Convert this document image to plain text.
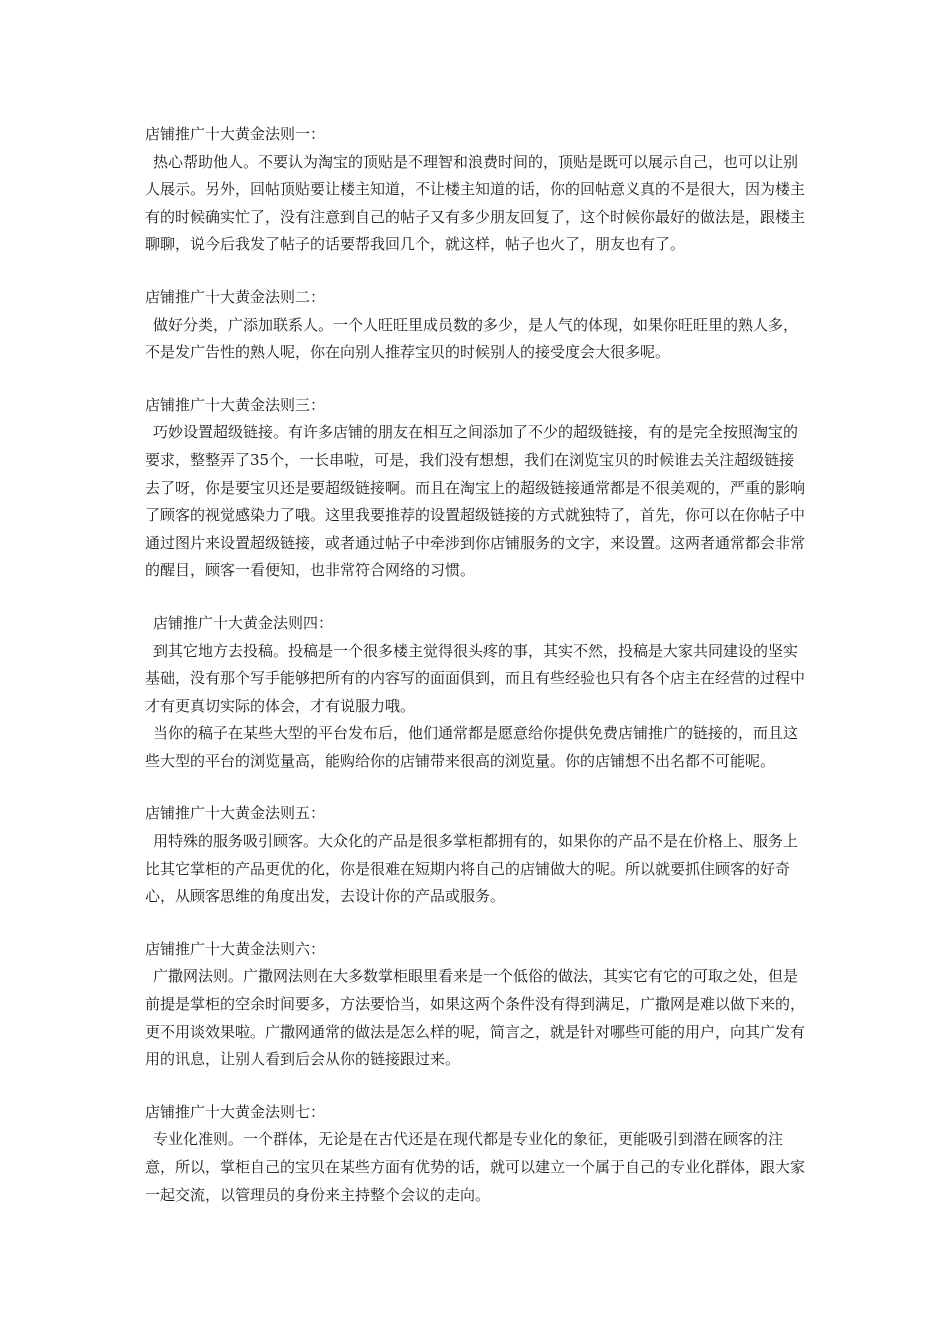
店铺推广十大黄金法则一：

热心帮助他人。不要认为淘宝的顶贴是不理智和浪费时间的，顶贴是既可以展示自己，也可以让别人展示。另外，回帖顶贴要让楼主知道，不让楼主知道的话，你的回帖意义真的不是很大，因为楼主有的时候确实忙了，没有注意到自己的帖子又有多少朋友回复了，这个时候你最好的做法是，跟楼主聊聊，说今后我发了帖子的话要帮我回几个，就这样，帖子也火了，朋友也有了。

店铺推广十大黄金法则二：

做好分类，广添加联系人。一个人旺旺里成员数的多少，是人气的体现，如果你旺旺里的熟人多，不是发广告性的熟人呢，你在向别人推荐宝贝的时候别人的接受度会大很多呢。

店铺推广十大黄金法则三：

巧妙设置超级链接。有许多店铺的朋友在相互之间添加了不少的超级链接，有的是完全按照淘宝的要求，整整弄了35个，一长串啦，可是，我们没有想想，我们在浏览宝贝的时候谁去关注超级链接去了呀，你是要宝贝还是要超级链接啊。而且在淘宝上的超级链接通常都是不很美观的，严重的影响了顾客的视觉感染力了哦。这里我要推荐的设置超级链接的方式就独特了，首先，你可以在你帖子中通过图片来设置超级链接，或者通过帖子中牵涉到你店铺服务的文字，来设置。这两者通常都会非常的醒目，顾客一看便知，也非常符合网络的习惯。

店铺推广十大黄金法则四：

到其它地方去投稿。投稿是一个很多楼主觉得很头疼的事，其实不然，投稿是大家共同建设的坚实基础，没有那个写手能够把所有的内容写的面面俱到，而且有些经验也只有各个店主在经营的过程中才有更真切实际的体会，才有说服力哦。

当你的稿子在某些大型的平台发布后，他们通常都是愿意给你提供免费店铺推广的链接的，而且这些大型的平台的浏览量高，能购给你的店铺带来很高的浏览量。你的店铺想不出名都不可能呢。

店铺推广十大黄金法则五：

用特殊的服务吸引顾客。大众化的产品是很多掌柜都拥有的，如果你的产品不是在价格上、服务上比其它掌柜的产品更优的化，你是很难在短期内将自己的店铺做大的呢。所以就要抓住顾客的好奇心，从顾客思维的角度出发，去设计你的产品或服务。

店铺推广十大黄金法则六：

广撒网法则。广撒网法则在大多数掌柜眼里看来是一个低俗的做法，其实它有它的可取之处，但是前提是掌柜的空余时间要多，方法要恰当，如果这两个条件没有得到满足，广撒网是难以做下来的，更不用谈效果啦。广撒网通常的做法是怎么样的呢，简言之，就是针对哪些可能的用户，向其广发有用的讯息，让别人看到后会从你的链接跟过来。

店铺推广十大黄金法则七：

专业化准则。一个群体，无论是在古代还是在现代都是专业化的象征，更能吸引到潜在顾客的注意，所以，掌柜自己的宝贝在某些方面有优势的话，就可以建立一个属于自己的专业化群体，跟大家一起交流，以管理员的身份来主持整个会议的走向。
